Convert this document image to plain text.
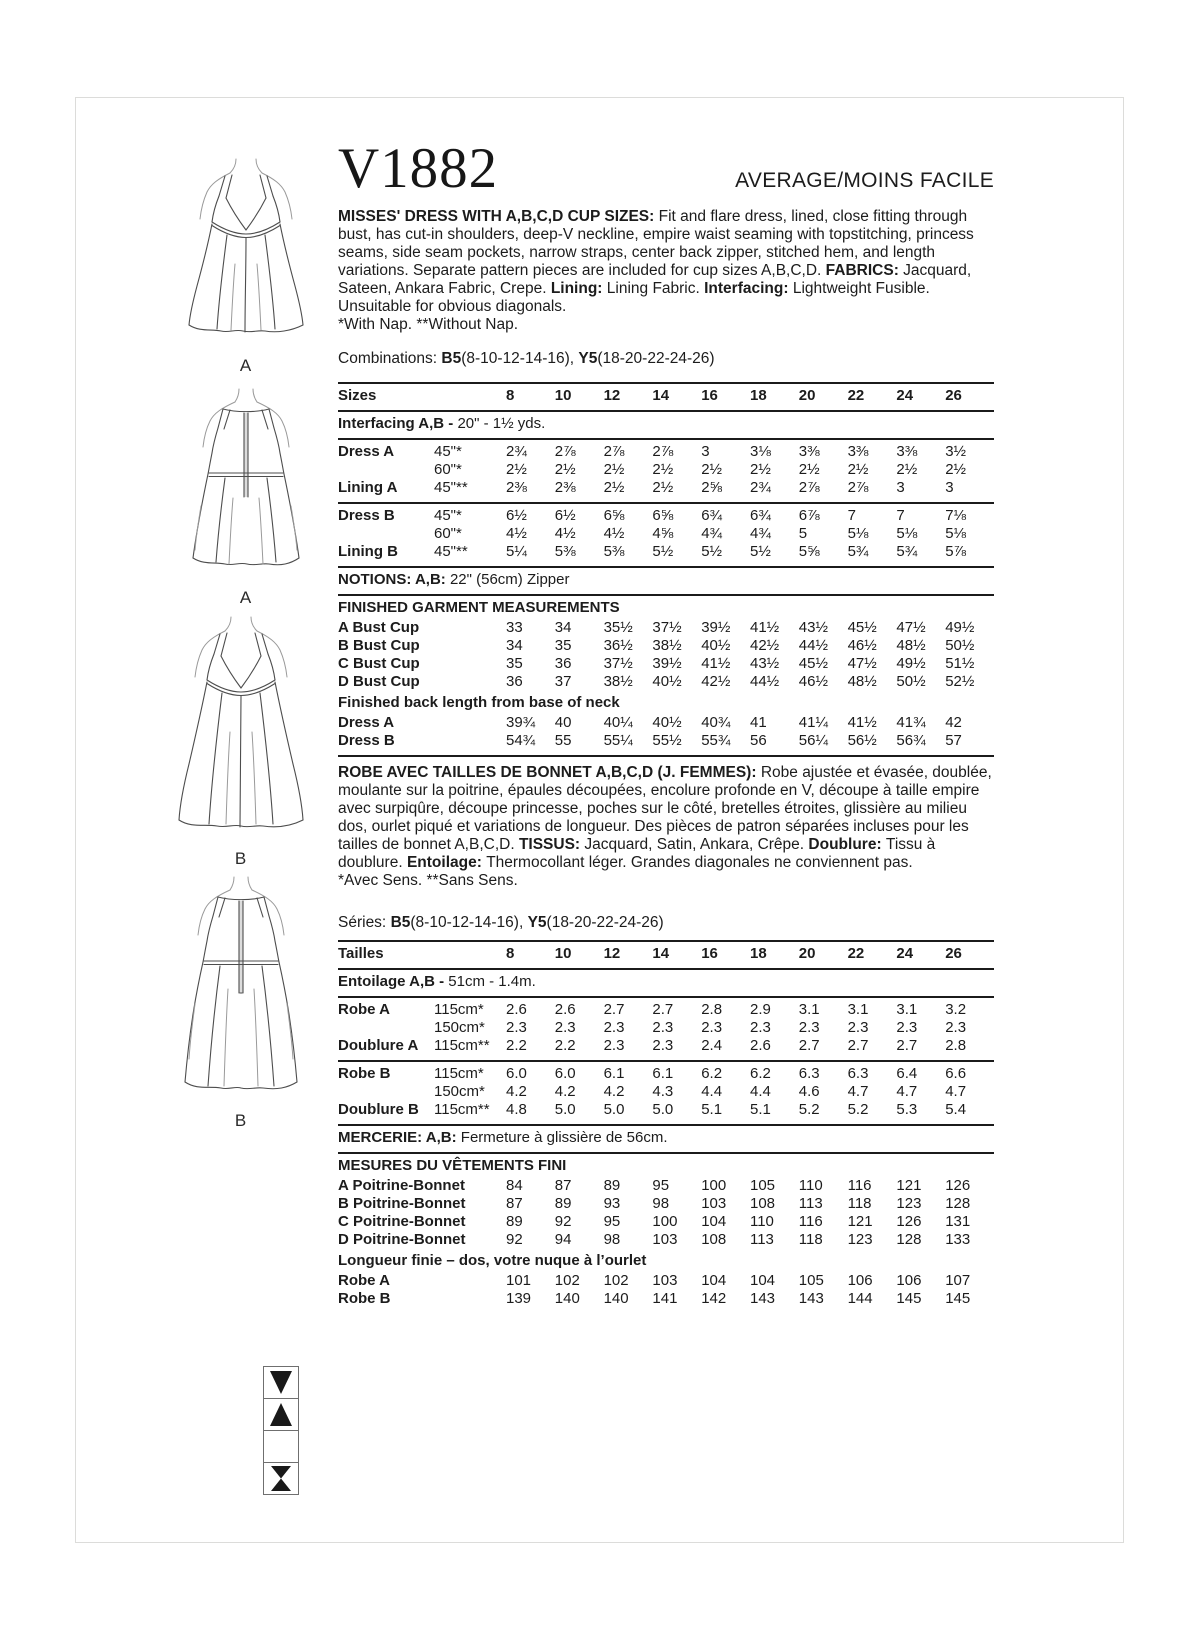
A
A
B
B
V1882	AVERAGE/MOINS FACILE

MISSES' DRESS WITH A,B,C,D CUP SIZES: Fit and flare dress, lined, close fitting through bust, has cut-in shoulders, deep-V neckline, empire waist seaming with topstitching, princess seams, side seam pockets, narrow straps, center back zipper, stitched hem, and length variations. Separate pattern pieces are included for cup sizes A,B,C,D. FABRICS: Jacquard, Sateen, Ankara Fabric, Crepe. Lining: Lining Fabric. Interfacing: Lightweight Fusible. Unsuitable for obvious diagonals.
*With Nap. **Without Nap.

Combinations: B5(8-10-12-14-16), Y5(18-20-22-24-26)

Sizes	8	10	12	14	16	18	20	22	24	26

Interfacing A,B - 20" - 1½ yds.

Dress A	45"*	2¾	2⅞	2⅞	2⅞	3	3⅛	3⅜	3⅜	3⅜	3½
60"*	2½	2½	2½	2½	2½	2½	2½	2½	2½	2½
Lining A	45"**	2⅜	2⅜	2½	2½	2⅝	2¾	2⅞	2⅞	3	3
Dress B	45"*	6½	6½	6⅝	6⅝	6¾	6¾	6⅞	7	7	7⅛
60"*	4½	4½	4½	4⅝	4¾	4¾	5	5⅛	5⅛	5⅛
Lining B	45"**	5¼	5⅜	5⅜	5½	5½	5½	5⅝	5¾	5¾	5⅞

NOTIONS: A,B: 22" (56cm) Zipper

FINISHED GARMENT MEASUREMENTS

A Bust Cup	33	34	35½	37½	39½	41½	43½	45½	47½	49½
B Bust Cup	34	35	36½	38½	40½	42½	44½	46½	48½	50½
C Bust Cup	35	36	37½	39½	41½	43½	45½	47½	49½	51½
D Bust Cup	36	37	38½	40½	42½	44½	46½	48½	50½	52½

Finished back length from base of neck

Dress A	39¾	40	40¼	40½	40¾	41	41¼	41½	41¾	42
Dress B	54¾	55	55¼	55½	55¾	56	56¼	56½	56¾	57

ROBE AVEC TAILLES DE BONNET A,B,C,D (J. FEMMES): Robe ajustée et évasée, doublée, moulante sur la poitrine, épaules découpées, encolure profonde en V, découpe à taille empire avec surpiqûre, découpe princesse, poches sur le côté, bretelles étroites, glissière au milieu dos, ourlet piqué et variations de longueur. Des pièces de patron séparées incluses pour les tailles de bonnet A,B,C,D. TISSUS: Jacquard, Satin, Ankara, Crêpe. Doublure: Tissu à doublure. Entoilage: Thermocollant léger. Grandes diagonales ne conviennent pas.
*Avec Sens. **Sans Sens.

Séries: B5(8-10-12-14-16), Y5(18-20-22-24-26)

Tailles	8	10	12	14	16	18	20	22	24	26

Entoilage A,B - 51cm - 1.4m.

Robe A	115cm*	2.6	2.6	2.7	2.7	2.8	2.9	3.1	3.1	3.1	3.2
150cm*	2.3	2.3	2.3	2.3	2.3	2.3	2.3	2.3	2.3	2.3
Doublure A	115cm**	2.2	2.2	2.3	2.3	2.4	2.6	2.7	2.7	2.7	2.8
Robe B	115cm*	6.0	6.0	6.1	6.1	6.2	6.2	6.3	6.3	6.4	6.6
150cm*	4.2	4.2	4.2	4.3	4.4	4.4	4.6	4.7	4.7	4.7
Doublure B	115cm**	4.8	5.0	5.0	5.0	5.1	5.1	5.2	5.2	5.3	5.4

MERCERIE: A,B: Fermeture à glissière de 56cm.

MESURES DU VÊTEMENTS FINI

A Poitrine-Bonnet	84	87	89	95	100	105	110	116	121	126
B Poitrine-Bonnet	87	89	93	98	103	108	113	118	123	128
C Poitrine-Bonnet	89	92	95	100	104	110	116	121	126	131
D Poitrine-Bonnet	92	94	98	103	108	113	118	123	128	133

Longueur finie – dos, votre nuque à l’ourlet

Robe A	101	102	102	103	104	104	105	106	106	107
Robe B	139	140	140	141	142	143	143	144	145	145
